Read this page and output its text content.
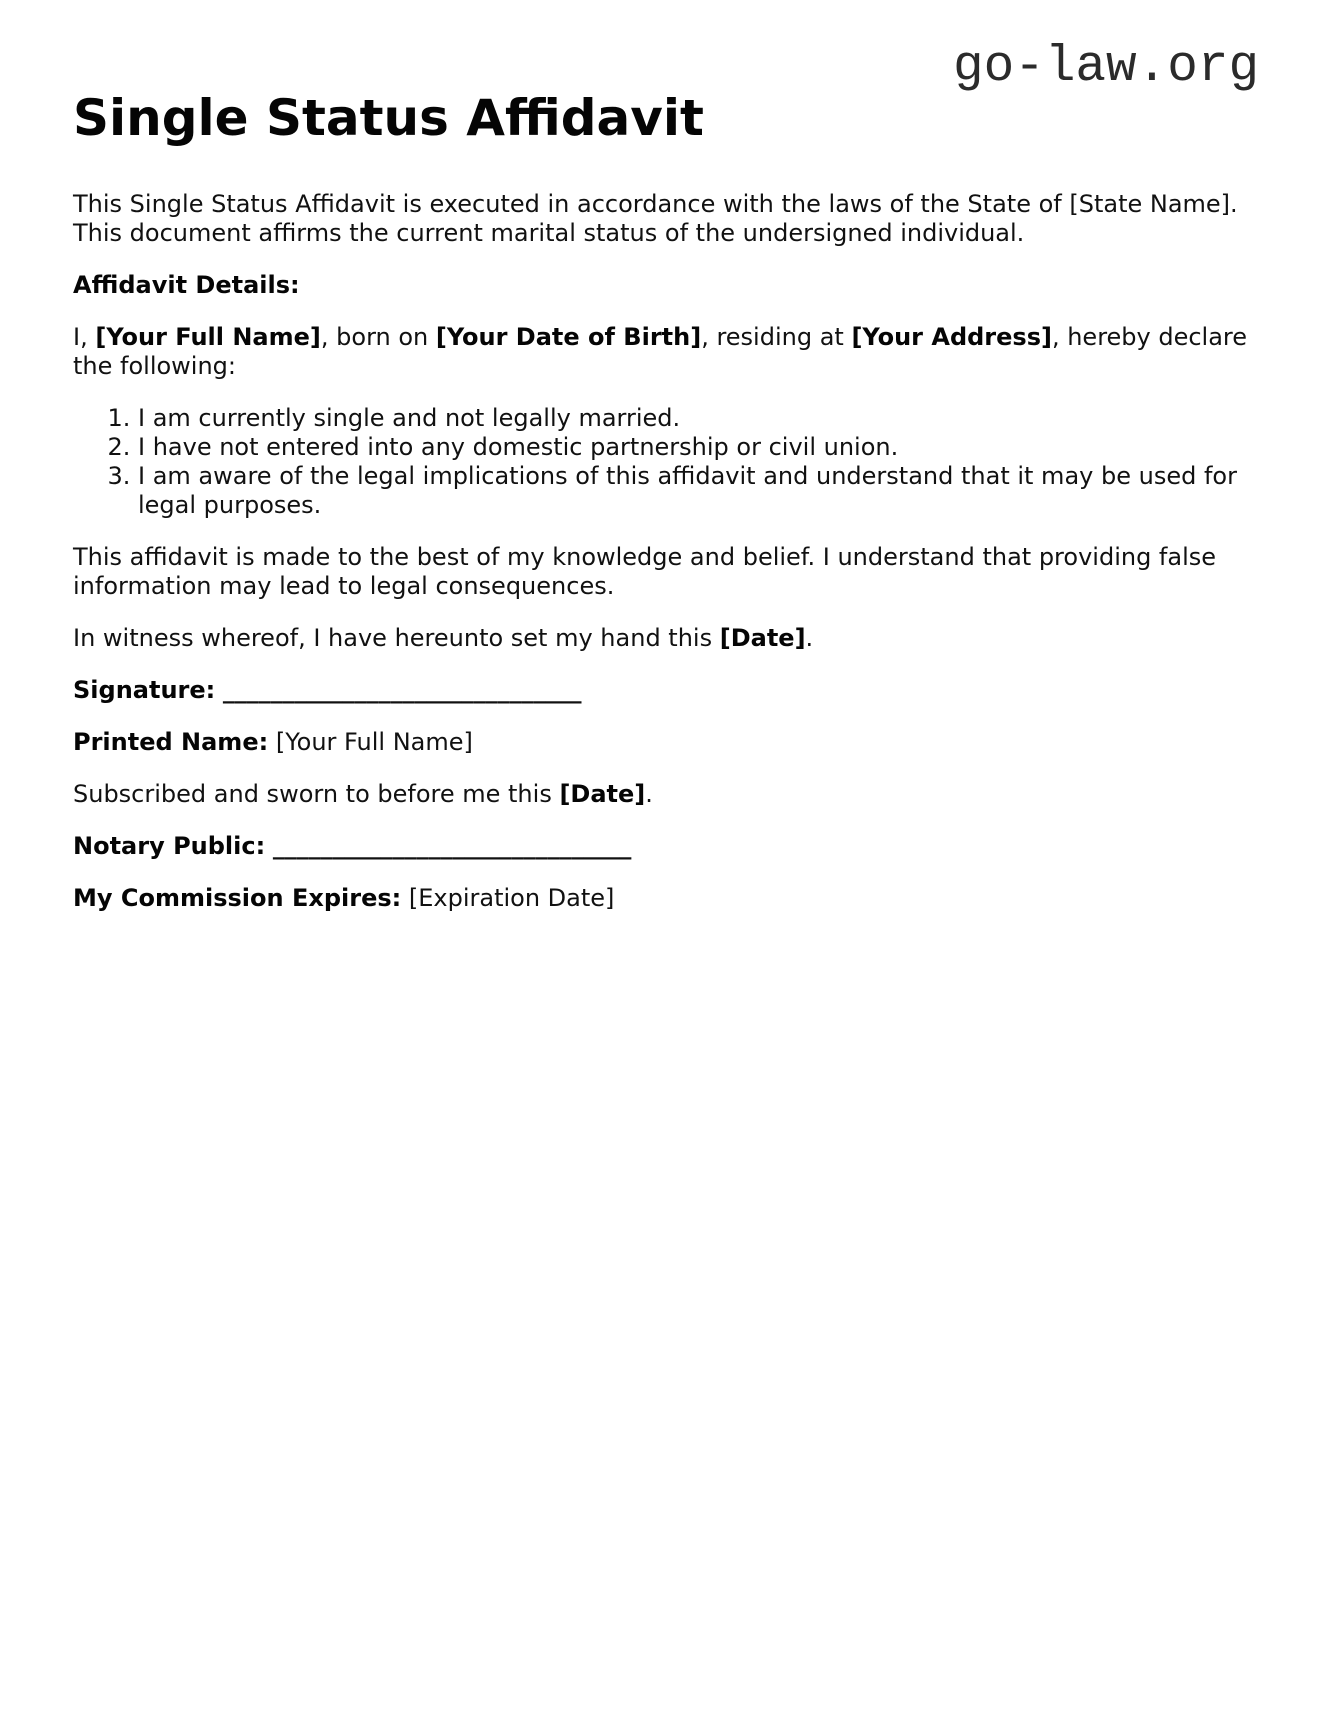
go-law.org
Single Status Affidavit

This Single Status Affidavit is executed in accordance with the laws of the State of [State Name]. This document affirms the current marital status of the undersigned individual.

Affidavit Details:

I, [Your Full Name], born on [Your Date of Birth], residing at [Your Address], hereby declare the following:

1. I am currently single and not legally married.
2. I have not entered into any domestic partnership or civil union.
3. I am aware of the legal implications of this affidavit and understand that it may be used for legal purposes.

This affidavit is made to the best of my knowledge and belief. I understand that providing false information may lead to legal consequences.

In witness whereof, I have hereunto set my hand this [Date].

Signature: ______________________________

Printed Name: [Your Full Name]

Subscribed and sworn to before me this [Date].

Notary Public: ______________________________

My Commission Expires: [Expiration Date]
